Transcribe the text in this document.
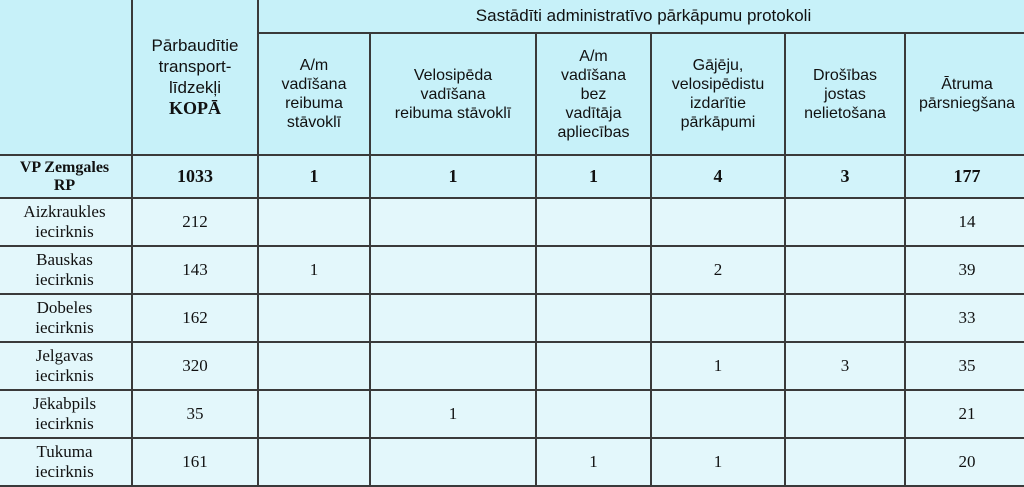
	Pārbaudītie
transport-
līdzekļi
KOPĀ	Sastādīti administratīvo pārkāpumu protokoli					
		A/m
vadīšana
reibuma
stāvoklī	Velosipēda
vadīšana
reibuma stāvoklī	A/m
vadīšana
bez
vadītāja
apliecības	Gājēju,
velosipēdistu
izdarītie
pārkāpumi	Drošības
jostas
nelietošana	Ātruma
pārsniegšana
VP Zemgales
RP	1033	1	1	1	4	3	177
Aizkraukles
iecirknis	212						14
Bauskas
iecirknis	143	1			2		39
Dobeles
iecirknis	162						33
Jelgavas
iecirknis	320				1	3	35
Jēkabpils
iecirknis	35		1				21
Tukuma
iecirknis	161			1	1		20
